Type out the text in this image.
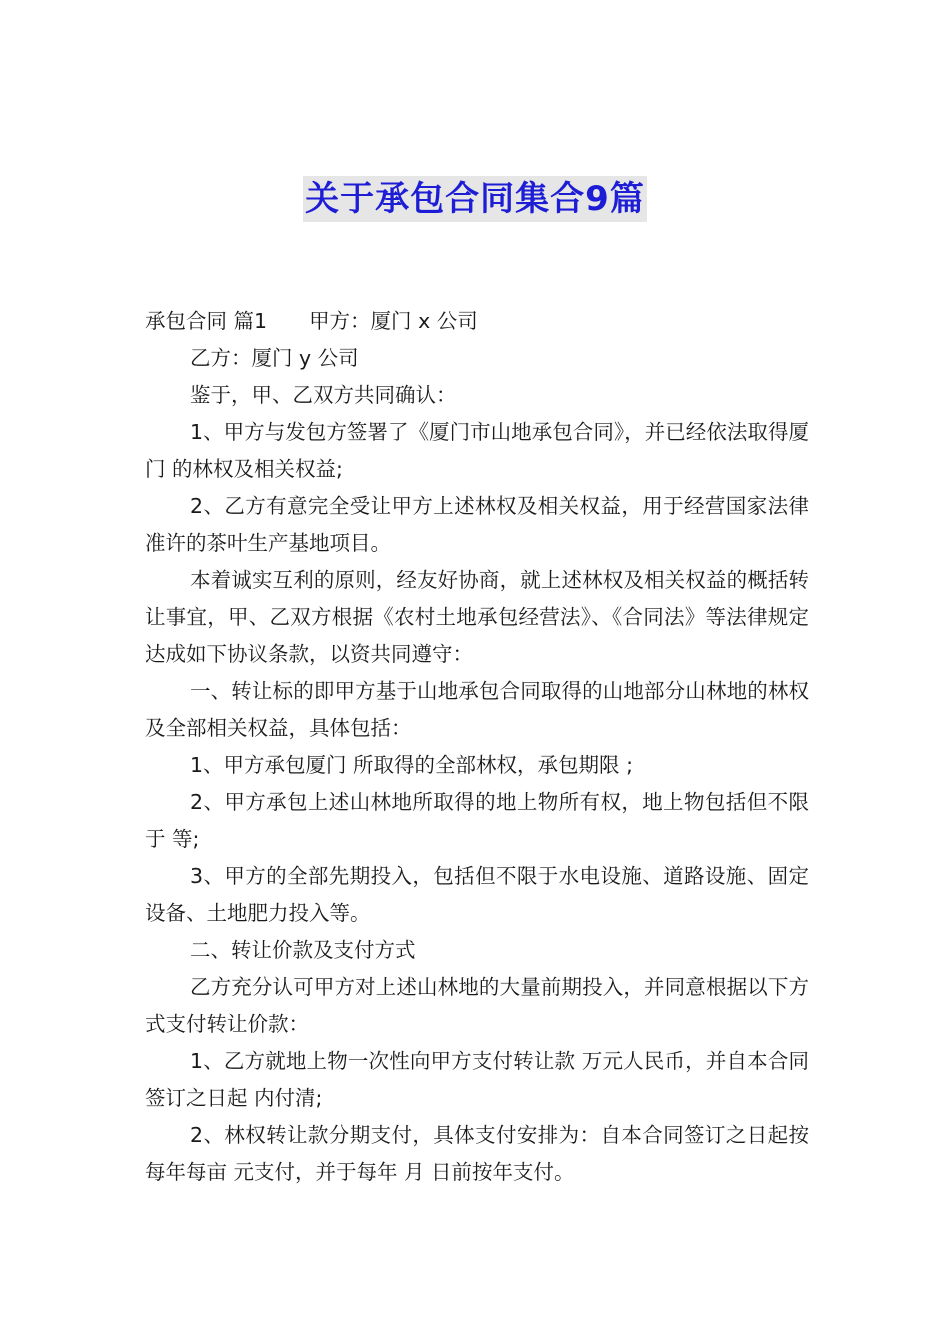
关于承包合同集合9篇

承包合同 篇1 甲方：厦门 x 公司

乙方：厦门 y 公司

鉴于，甲、乙双方共同确认：

1、甲方与发包方签署了《厦门市山地承包合同》，并已经依法取得厦门 的林权及相关权益;

2、乙方有意完全受让甲方上述林权及相关权益，用于经营国家法律准许的茶叶生产基地项目。

本着诚实互利的原则，经友好协商，就上述林权及相关权益的概括转让事宜，甲、乙双方根据《农村土地承包经营法》、《合同法》等法律规定达成如下协议条款，以资共同遵守：

一、转让标的即甲方基于山地承包合同取得的山地部分山林地的林权及全部相关权益，具体包括：

1、甲方承包厦门 所取得的全部林权，承包期限 ;

2、甲方承包上述山林地所取得的地上物所有权，地上物包括但不限于 等;

3、甲方的全部先期投入，包括但不限于水电设施、道路设施、固定设备、土地肥力投入等。

二、转让价款及支付方式

乙方充分认可甲方对上述山林地的大量前期投入，并同意根据以下方式支付转让价款：

1、乙方就地上物一次性向甲方支付转让款 万元人民币，并自本合同签订之日起 内付清;

2、林权转让款分期支付，具体支付安排为：自本合同签订之日起按每年每亩 元支付，并于每年 月 日前按年支付。
